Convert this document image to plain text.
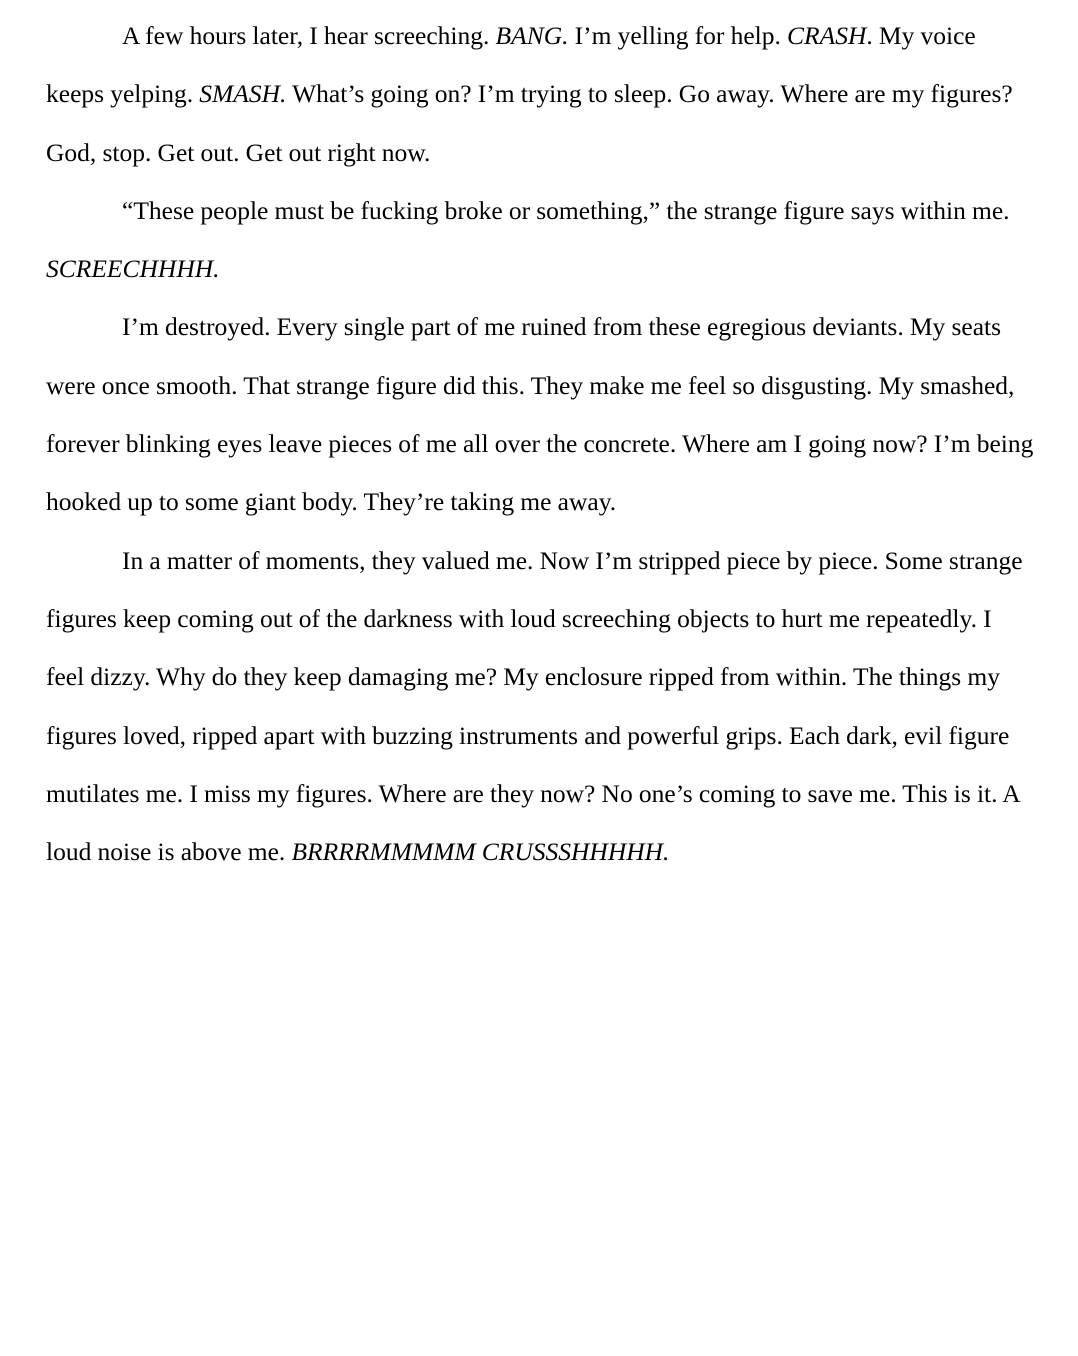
A few hours later, I hear screeching. BANG. I’m yelling for help. CRASH. My voice
keeps yelping. SMASH. What’s going on? I’m trying to sleep. Go away. Where are my figures?
God, stop. Get out. Get out right now.

“These people must be fucking broke or something,” the strange figure says within me.
SCREECHHHH.

I’m destroyed. Every single part of me ruined from these egregious deviants. My seats
were once smooth. That strange figure did this. They make me feel so disgusting. My smashed,
forever blinking eyes leave pieces of me all over the concrete. Where am I going now? I’m being
hooked up to some giant body. They’re taking me away.

In a matter of moments, they valued me. Now I’m stripped piece by piece. Some strange
figures keep coming out of the darkness with loud screeching objects to hurt me repeatedly. I
feel dizzy. Why do they keep damaging me? My enclosure ripped from within. The things my
figures loved, ripped apart with buzzing instruments and powerful grips. Each dark, evil figure
mutilates me. I miss my figures. Where are they now? No one’s coming to save me. This is it. A
loud noise is above me. BRRRRMMMMM CRUSSSHHHHH.
